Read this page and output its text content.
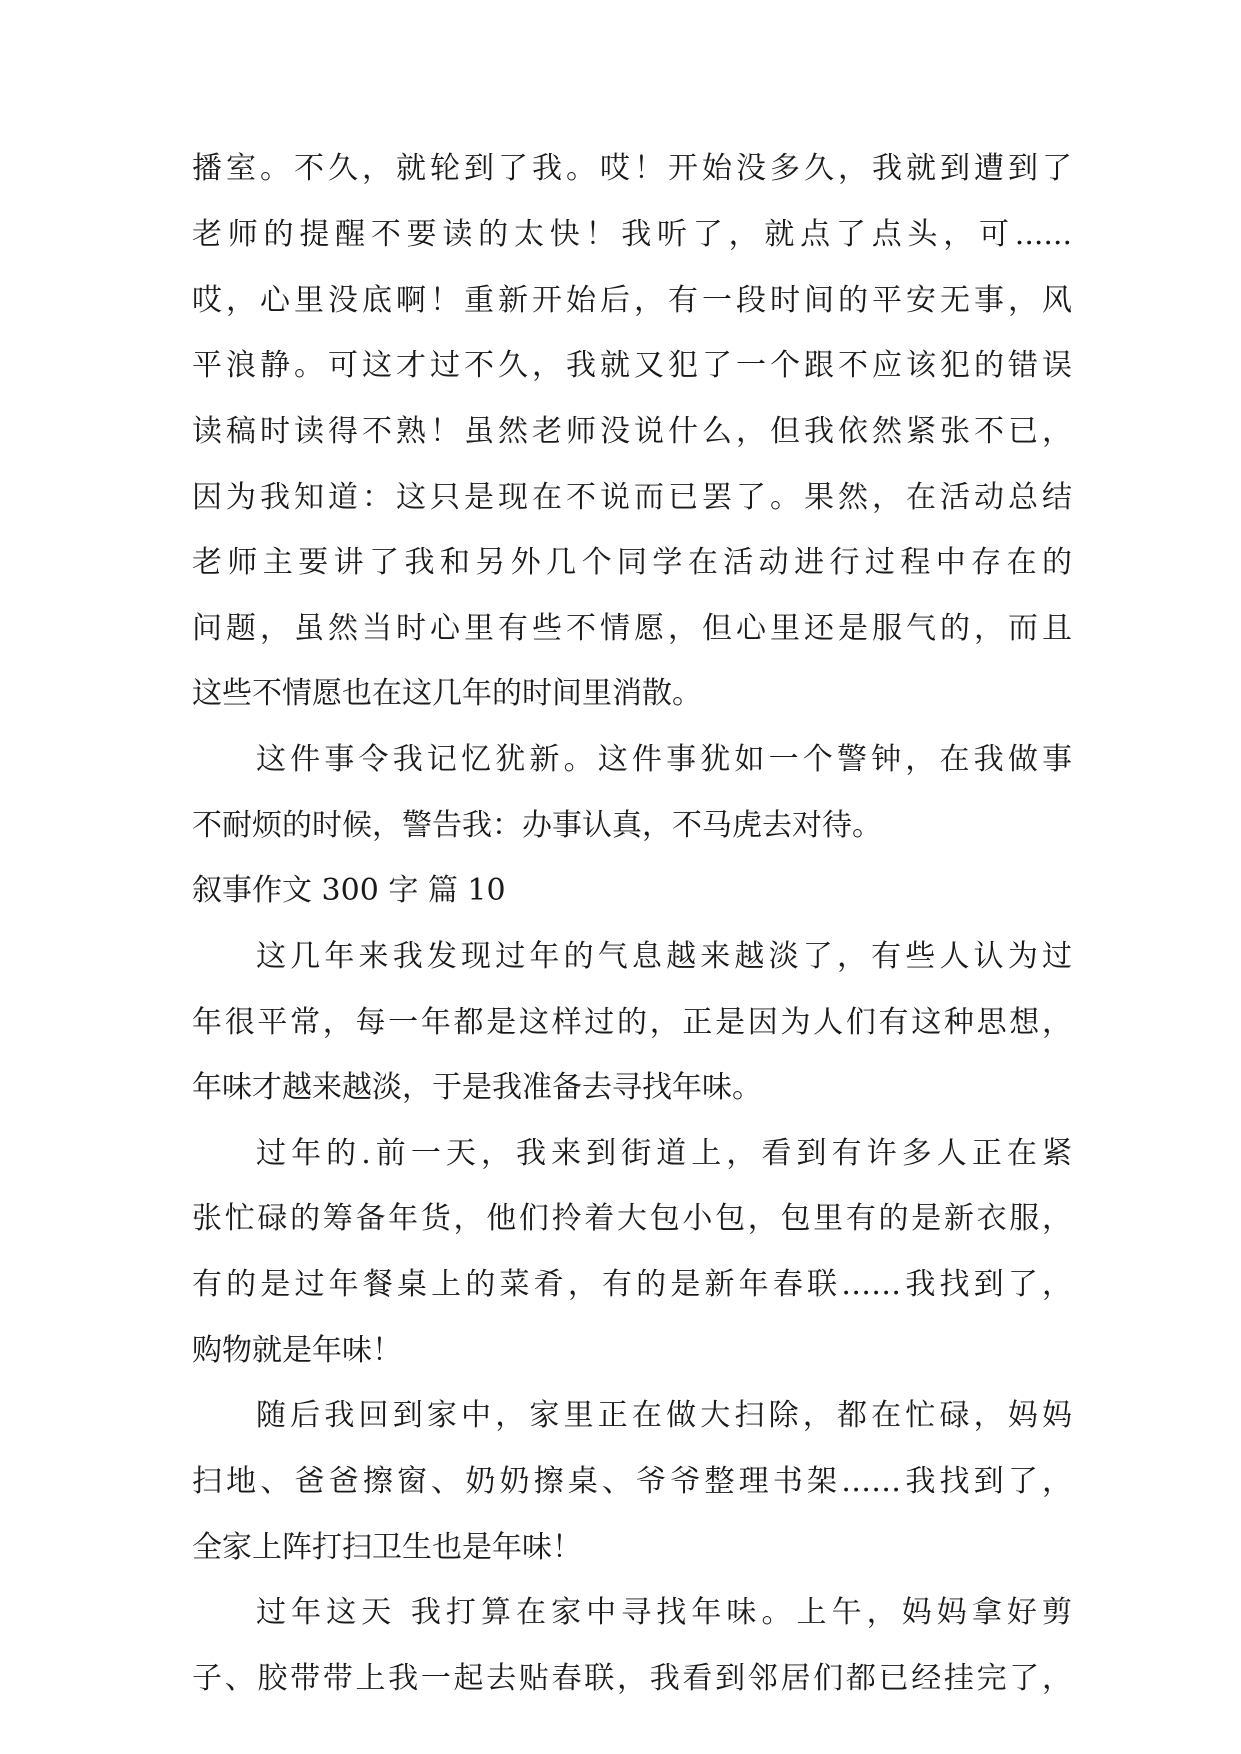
播室。不久，就轮到了我。哎！开始没多久，我就到遭到了
老师的提醒不要读的太快！我听了，就点了点头，可......
哎，心里没底啊！重新开始后，有一段时间的平安无事，风
平浪静。可这才过不久，我就又犯了一个跟不应该犯的错误
读稿时读得不熟！虽然老师没说什么，但我依然紧张不已，
因为我知道：这只是现在不说而已罢了。果然，在活动总结
老师主要讲了我和另外几个同学在活动进行过程中存在的
问题，虽然当时心里有些不情愿，但心里还是服气的，而且
这些不情愿也在这几年的时间里消散。
这件事令我记忆犹新。这件事犹如一个警钟，在我做事
不耐烦的时候，警告我：办事认真，不马虎去对待。
叙事作文 300 字 篇 10
这几年来我发现过年的气息越来越淡了，有些人认为过
年很平常，每一年都是这样过的，正是因为人们有这种思想，
年味才越来越淡，于是我准备去寻找年味。
过年的.前一天，我来到街道上，看到有许多人正在紧
张忙碌的筹备年货，他们拎着大包小包，包里有的是新衣服，
有的是过年餐桌上的菜肴，有的是新年春联……我找到了，
购物就是年味！
随后我回到家中，家里正在做大扫除，都在忙碌，妈妈
扫地、爸爸擦窗、奶奶擦桌、爷爷整理书架……我找到了，
全家上阵打扫卫生也是年味！
过年这天 我打算在家中寻找年味。上午，妈妈拿好剪
子、胶带带上我一起去贴春联，我看到邻居们都已经挂完了，
